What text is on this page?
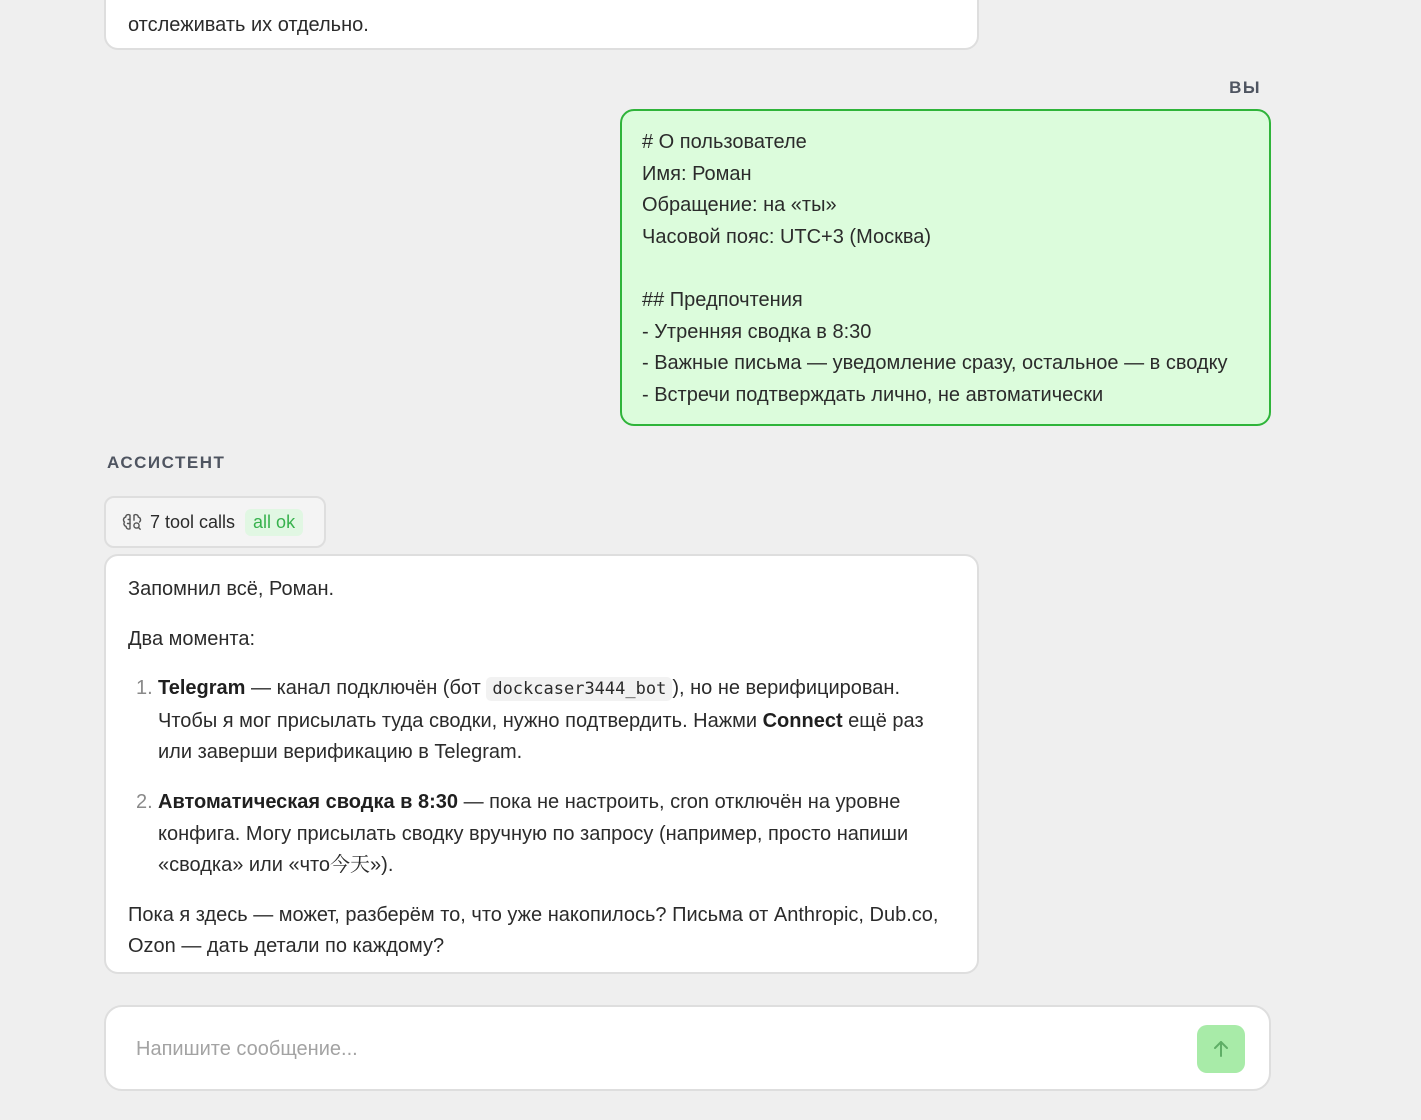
отслеживать их отдельно.
ВЫ
# О пользователе
Имя: Роман
Обращение: на «ты»
Часовой пояс: UTC+3 (Москва)
## Предпочтения
- Утренняя сводка в 8:30
- Важные письма — уведомление сразу, остальное — в сводку
- Встречи подтверждать лично, не автоматически
АССИСТЕНТ
7 tool calls	all ok

Запомнил всё, Роман.

Два момента:

1. Telegram — канал подключён (бот dockcaser3444_bot ), но не верифицирован. Чтобы я мог присылать туда сводки, нужно подтвердить. Нажми Connect ещё раз или заверши верификацию в Telegram.
2. Автоматическая сводка в 8:30 — пока не настроить, cron отключён на уровне конфига. Могу присылать сводку вручную по запросу (например, просто напиши «сводка» или «что今天»).

Пока я здесь — может, разберём то, что уже накопилось? Письма от Anthropic, Dub.co, Ozon — дать детали по каждому?

Напишите сообщение...
